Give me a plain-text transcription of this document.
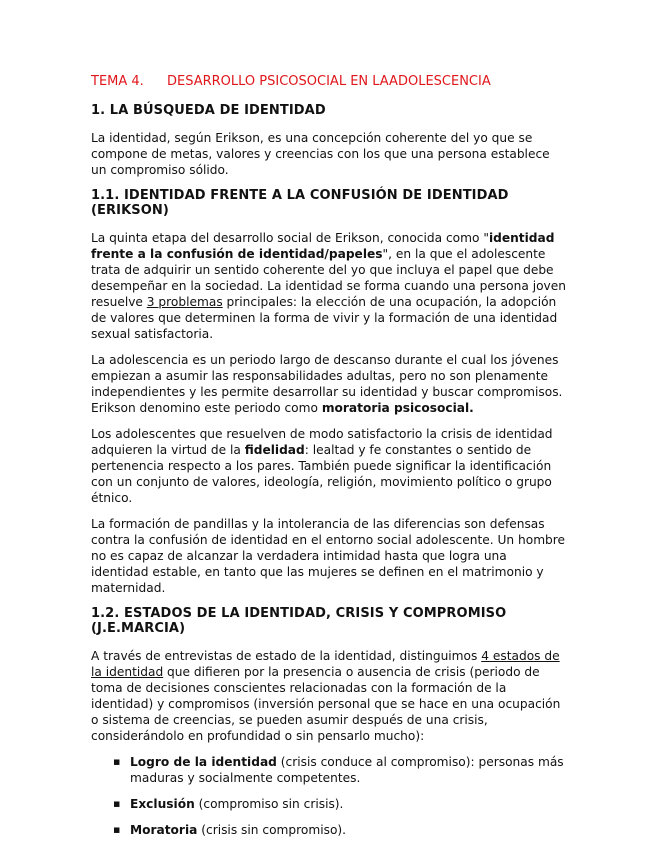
TEMA 4. DESARROLLO PSICOSOCIAL EN LAADOLESCENCIA
1. LA BÚSQUEDA DE IDENTIDAD

La identidad, según Erikson, es una concepción coherente del yo que se compone de metas, valores y creencias con los que una persona establece un compromiso sólido.

1.1. IDENTIDAD FRENTE A LA CONFUSIÓN DE IDENTIDAD (ERIKSON)

La quinta etapa del desarrollo social de Erikson, conocida como "identidad frente a la confusión de identidad/papeles", en la que el adolescente trata de adquirir un sentido coherente del yo que incluya el papel que debe desempeñar en la sociedad. La identidad se forma cuando una persona joven resuelve 3 problemas principales: la elección de una ocupación, la adopción de valores que determinen la forma de vivir y la formación de una identidad sexual satisfactoria.

La adolescencia es un periodo largo de descanso durante el cual los jóvenes empiezan a asumir las responsabilidades adultas, pero no son plenamente independientes y les permite desarrollar su identidad y buscar compromisos. Erikson denomino este periodo como moratoria psicosocial.

Los adolescentes que resuelven de modo satisfactorio la crisis de identidad adquieren la virtud de la fidelidad: lealtad y fe constantes o sentido de pertenencia respecto a los pares. También puede significar la identificación con un conjunto de valores, ideología, religión, movimiento político o grupo étnico.

La formación de pandillas y la intolerancia de las diferencias son defensas contra la confusión de identidad en el entorno social adolescente. Un hombre no es capaz de alcanzar la verdadera intimidad hasta que logra una identidad estable, en tanto que las mujeres se definen en el matrimonio y maternidad.

1.2. ESTADOS DE LA IDENTIDAD, CRISIS Y COMPROMISO (J.E.MARCIA)

A través de entrevistas de estado de la identidad, distinguimos 4 estados de la identidad que difieren por la presencia o ausencia de crisis (periodo de toma de decisiones conscientes relacionadas con la formación de la identidad) y compromisos (inversión personal que se hace en una ocupación o sistema de creencias, se pueden asumir después de una crisis, considerándolo en profundidad o sin pensarlo mucho):

▪ Logro de la identidad (crisis conduce al compromiso): personas más maduras y socialmente competentes.
▪ Exclusión (compromiso sin crisis).
▪ Moratoria (crisis sin compromiso).
